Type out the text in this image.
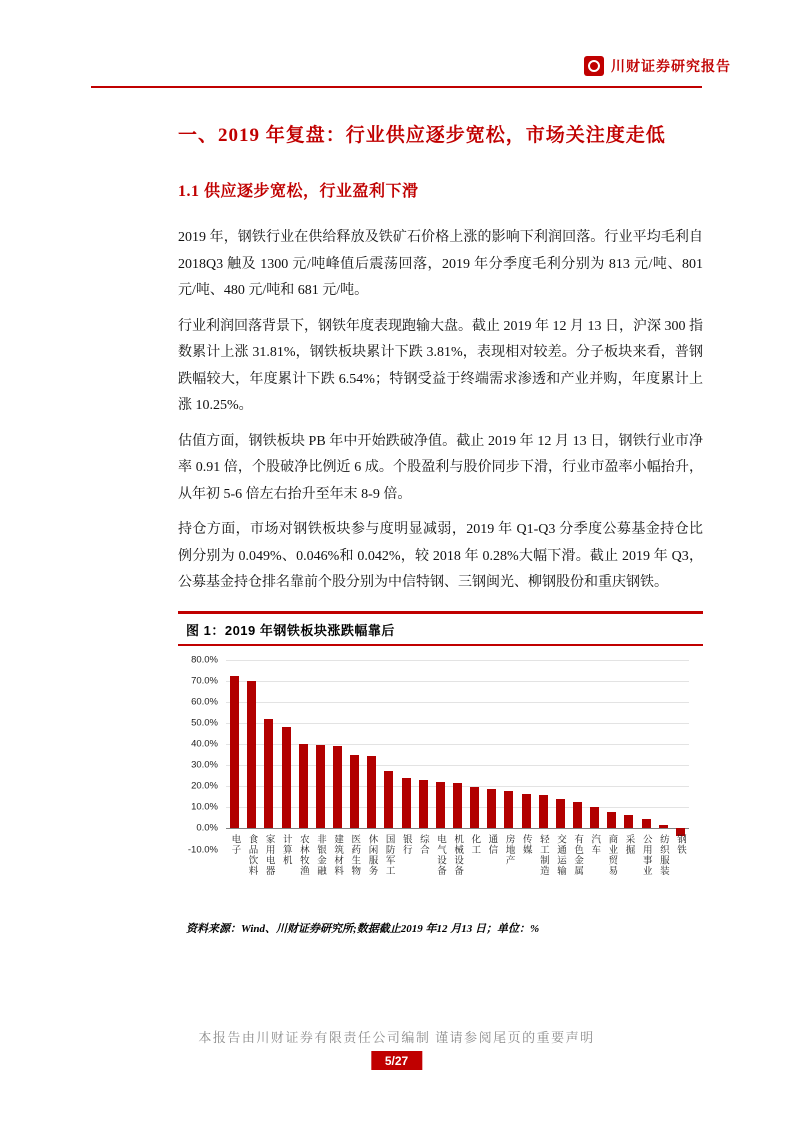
川财证券研究报告
一、2019 年复盘：行业供应逐步宽松，市场关注度走低
1.1 供应逐步宽松，行业盈利下滑

2019 年，钢铁行业在供给释放及铁矿石价格上涨的影响下利润回落。行业平均毛利自 2018Q3 触及 1300 元/吨峰值后震荡回落，2019 年分季度毛利分别为 813 元/吨、801 元/吨、480 元/吨和 681 元/吨。

行业利润回落背景下，钢铁年度表现跑输大盘。截止 2019 年 12 月 13 日，沪深 300 指数累计上涨 31.81%，钢铁板块累计下跌 3.81%，表现相对较差。分子板块来看，普钢跌幅较大，年度累计下跌 6.54%；特钢受益于终端需求渗透和产业并购，年度累计上涨 10.25%。

估值方面，钢铁板块 PB 年中开始跌破净值。截止 2019 年 12 月 13 日，钢铁行业市净率 0.91 倍，个股破净比例近 6 成。个股盈利与股价同步下滑，行业市盈率小幅抬升，从年初 5-6 倍左右抬升至年末 8-9 倍。

持仓方面，市场对钢铁板块参与度明显减弱，2019 年 Q1-Q3 分季度公募基金持仓比例分别为 0.049%、0.046%和 0.042%，较 2018 年 0.28%大幅下滑。截止 2019 年 Q3，公募基金持仓排名靠前个股分别为中信特钢、三钢闽光、柳钢股份和重庆钢铁。

图 1：2019 年钢铁板块涨跌幅靠后
80.0%
70.0%
60.0%
50.0%
40.0%
30.0%
20.0%
10.0%
0.0%
-10.0% 电子 食品饮料 家用电器 计算机 农林牧渔 非银金融 建筑材料 医药生物 休闲服务 国防军工 银行 综合 电气设备 机械设备 化工 通信 房地产 传媒 轻工制造 交通运输 有色金属 汽车 商业贸易 采掘 公用事业 纺织服装 钢铁
资料来源：Wind、川财证券研究所;数据截止2019 年12 月13 日；单位：%
本报告由川财证券有限责任公司编制 谨请参阅尾页的重要声明
5/27
